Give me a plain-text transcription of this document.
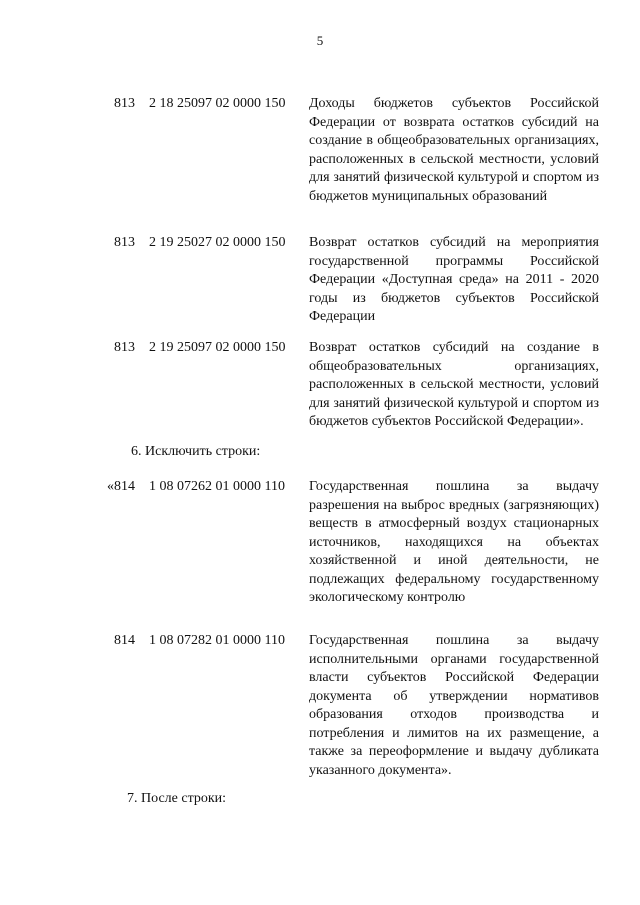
5
813 2 18 25097 02 0000 150 Доходы бюджетов субъектов Российской Федерации от возврата остатков субсидий на создание в общеобразовательных организациях, расположенных в сельской местности, условий для занятий физической культурой и спортом из бюджетов муниципальных образований

813 2 19 25027 02 0000 150 Возврат остатков субсидий на мероприятия государственной программы Российской Федерации «Доступная среда» на 2011 - 2020 годы из бюджетов субъектов Российской Федерации

813 2 19 25097 02 0000 150 Возврат остатков субсидий на создание в общеобразовательных организациях, расположенных в сельской местности, условий для занятий физической культурой и спортом из бюджетов субъектов Российской Федерации».

6. Исключить строки:
«814 1 08 07262 01 0000 110 Государственная пошлина за выдачу разрешения на выброс вредных (загрязняющих) веществ в атмосферный воздух стационарных источников, находящихся на объектах хозяйственной и иной деятельности, не подлежащих федеральному государственному экологическому контролю

814 1 08 07282 01 0000 110 Государственная пошлина за выдачу исполнительными органами государственной власти субъектов Российской Федерации документа об утверждении нормативов образования отходов производства и потребления и лимитов на их размещение, а также за переоформление и выдачу дубликата указанного документа».

7. После строки:
